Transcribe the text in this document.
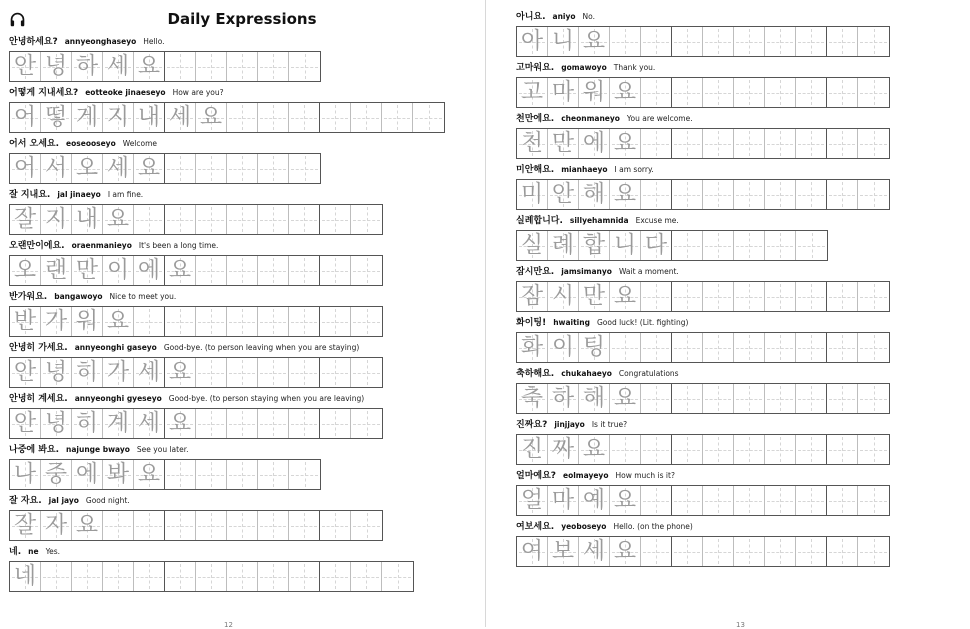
Daily Expressions
안녕하세요? annyeonghaseyo Hello.
안 녕 하 세 요
어떻게 지내세요? eotteoke jinaeseyo How are you?
어 떻 게 지 내 세 요
어서 오세요. eoseooseyo Welcome
어 서 오 세 요
잘 지내요. jal jinaeyo I am fine.
잘 지 내 요
오랜만이에요. oraenmanieyo It's been a long time.
오 랜 만 이 에 요
반가워요. bangawoyo Nice to meet you.
반 가 워 요
안녕히 가세요. annyeonghi gaseyo Good-bye. (to person leaving when you are staying)
안 녕 히 가 세 요
안녕히 계세요. annyeonghi gyeseyo Good-bye. (to person staying when you are leaving)
안 녕 히 계 세 요
나중에 봐요. najunge bwayo See you later.
나 중 에 봐 요
잘 자요. jal jayo Good night.
잘 자 요
네. ne Yes.
네
12
아니요. aniyo No.
아 니 요
고마워요. gomawoyo Thank you.
고 마 워 요
천만에요. cheonmaneyo You are welcome.
천 만 에 요
미안해요. mianhaeyo I am sorry.
미 안 해 요
실례합니다. sillyehamnida Excuse me.
실 례 합 니 다
잠시만요. jamsimanyo Wait a moment.
잠 시 만 요
화이팅! hwaiting Good luck! (Lit. fighting)
화 이 팅
축하해요. chukahaeyo Congratulations
축 하 해 요
진짜요? jinjjayo Is it true?
진 짜 요
얼마예요? eolmayeyo How much is it?
얼 마 예 요
여보세요. yeoboseyo Hello. (on the phone)
여 보 세 요
13
